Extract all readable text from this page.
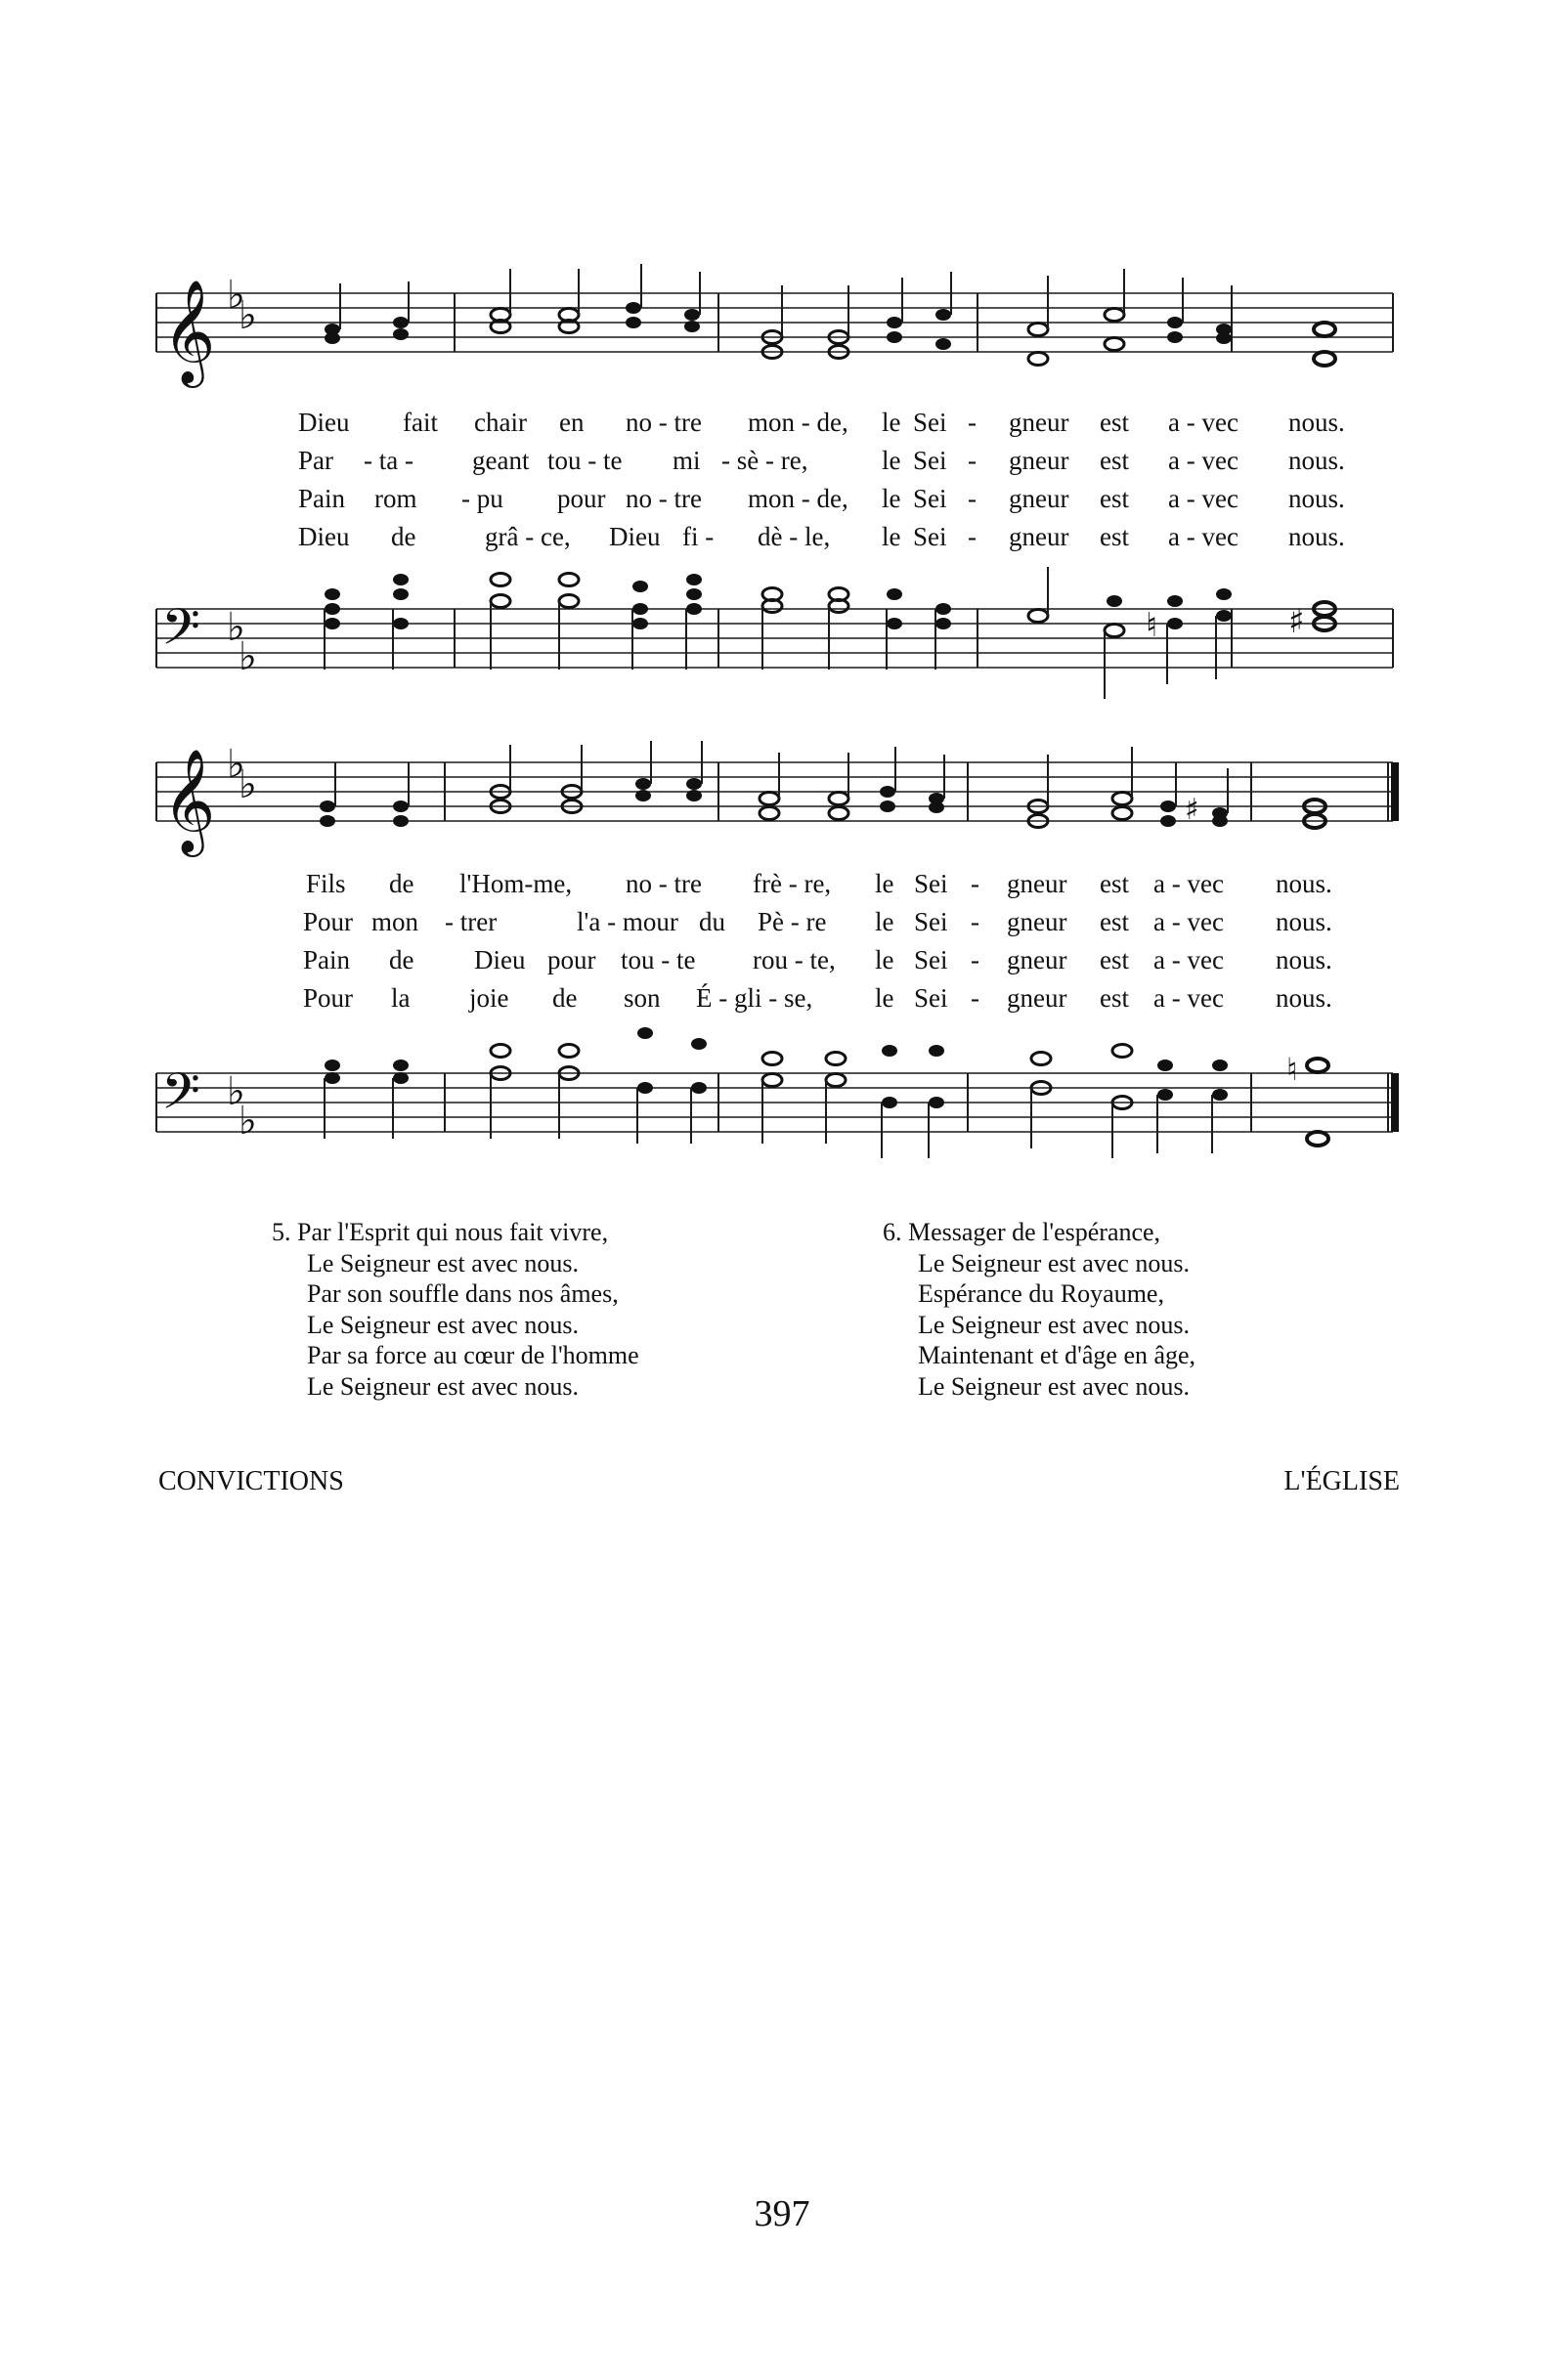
𝄞 ♭
♭
Dieu fait chair en no - tre mon - de, le Sei - gneur est a - vec nous.
Par - ta - geant tou - te mi - sè - re,	le Sei - gneur est a - vec nous.
Pain rom - pu pour no - tre mon - de, le Sei - gneur est a - vec nous.
Dieu de	grâ - ce, Dieu fi - dè - le, le Sei - gneur est a - vec nous.
𝄢 ♭
♭
♮	♯
𝄞 ♭
♭
♯
Fils de l'Hom-me, no - tre frè - re, le Sei - gneur est a - vec nous.
Pour mon - trer	l'a - mour du Pè - re le Sei - gneur est a - vec nous.
Pain de Dieu pour tou - te rou - te, le Sei - gneur est a - vec nous.
Pour la joie de son É - gli - se, le Sei - gneur est a - vec nous.
𝄢 ♭
♭
♮
5. Par l'Esprit qui nous fait vivre,
Le Seigneur est avec nous.
Par son souffle dans nos âmes,
Le Seigneur est avec nous.
Par sa force au cœur de l'homme
Le Seigneur est avec nous.
6. Messager de l'espérance,
Le Seigneur est avec nous.
Espérance du Royaume,
Le Seigneur est avec nous.
Maintenant et d'âge en âge,
Le Seigneur est avec nous.
CONVICTIONS	L'ÉGLISE
397
